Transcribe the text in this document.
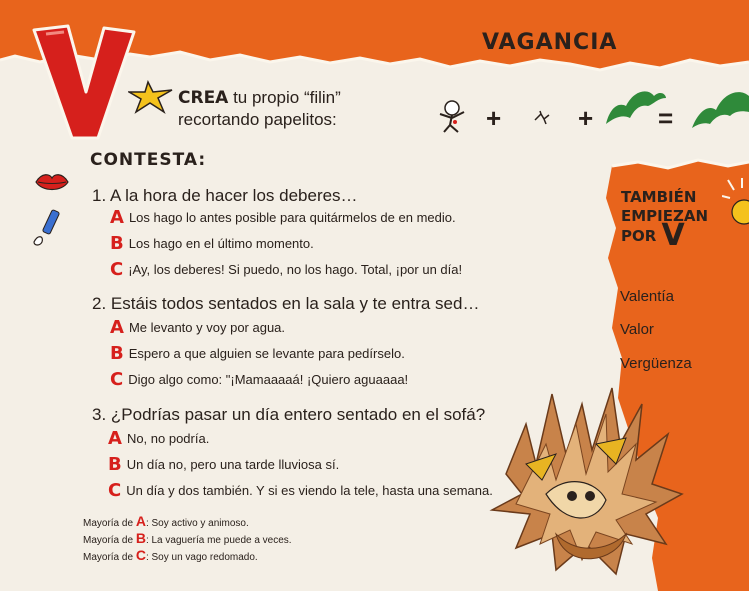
VAGANCIA
CREA tu propio “filin”
recortando papelitos:	+	+ =
CONTESTA:
1. A la hora de hacer los deberes…
A Los hago lo antes posible para quitármelos de en medio.
B Los hago en el último momento.
C ¡Ay, los deberes! Si puedo, no los hago. Total, ¡por un día!
2. Estáis todos sentados en la sala y te entra sed…
A Me levanto y voy por agua.
B Espero a que alguien se levante para pedírselo.
C Digo algo como: "¡Mamaaaaá! ¡Quiero aguaaaa!
3. ¿Podrías pasar un día entero sentado en el sofá?
A No, no podría.
B Un día no, pero una tarde lluviosa sí.
C Un día y dos también. Y si es viendo la tele, hasta una semana.
Mayoría de A: Soy activo y animoso.
Mayoría de B: La vaguería me puede a veces.
Mayoría de C: Soy un vago redomado.
TAMBIÉN
EMPIEZAN
POR V
Valentía
Valor
Vergüenza
